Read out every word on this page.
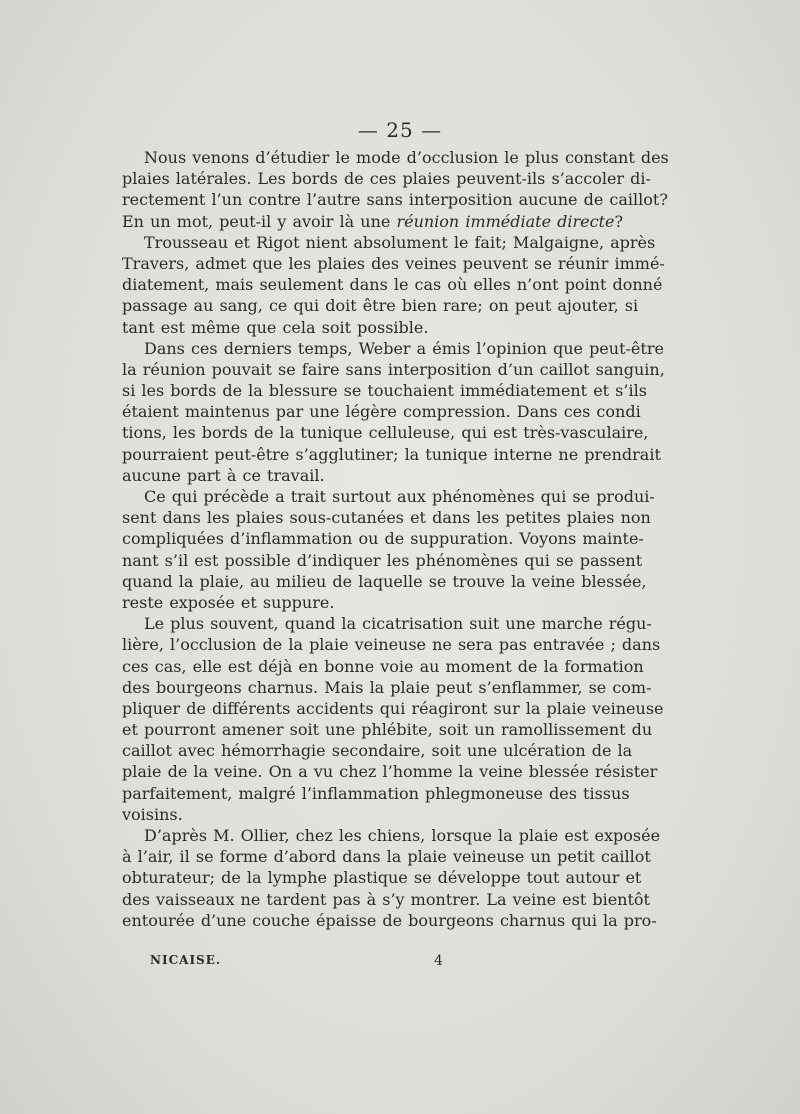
— 25 —
Nous venons d’étudier le mode d’occlusion le plus constant des
plaies latérales. Les bords de ces plaies peuvent-ils s’accoler di-
rectement l’un contre l’autre sans interposition aucune de caillot?
En un mot, peut-il y avoir là une réunion immédiate directe?
Trousseau et Rigot nient absolument le fait; Malgaigne, après
Travers, admet que les plaies des veines peuvent se réunir immé-
diatement, mais seulement dans le cas où elles n’ont point donné
passage au sang, ce qui doit être bien rare; on peut ajouter, si
tant est même que cela soit possible.
Dans ces derniers temps, Weber a émis l’opinion que peut-être
la réunion pouvait se faire sans interposition d’un caillot sanguin,
si les bords de la blessure se touchaient immédiatement et s’ils
étaient maintenus par une légère compression. Dans ces condi
tions, les bords de la tunique celluleuse, qui est très-vasculaire,
pourraient peut-être s’agglutiner; la tunique interne ne prendrait
aucune part à ce travail.
Ce qui précède a trait surtout aux phénomènes qui se produi-
sent dans les plaies sous-cutanées et dans les petites plaies non
compliquées d’inflammation ou de suppuration. Voyons mainte-
nant s’il est possible d’indiquer les phénomènes qui se passent
quand la plaie, au milieu de laquelle se trouve la veine blessée,
reste exposée et suppure.
Le plus souvent, quand la cicatrisation suit une marche régu-
lière, l’occlusion de la plaie veineuse ne sera pas entravée ; dans
ces cas, elle est déjà en bonne voie au moment de la formation
des bourgeons charnus. Mais la plaie peut s’enflammer, se com-
pliquer de différents accidents qui réagiront sur la plaie veineuse
et pourront amener soit une phlébite, soit un ramollissement du
caillot avec hémorrhagie secondaire, soit une ulcération de la
plaie de la veine. On a vu chez l’homme la veine blessée résister
parfaitement, malgré l’inflammation phlegmoneuse des tissus
voisins.
D’après M. Ollier, chez les chiens, lorsque la plaie est exposée
à l’air, il se forme d’abord dans la plaie veineuse un petit caillot
obturateur; de la lymphe plastique se développe tout autour et
des vaisseaux ne tardent pas à s’y montrer. La veine est bientôt
entourée d’une couche épaisse de bourgeons charnus qui la pro-
NICAISE.	4
